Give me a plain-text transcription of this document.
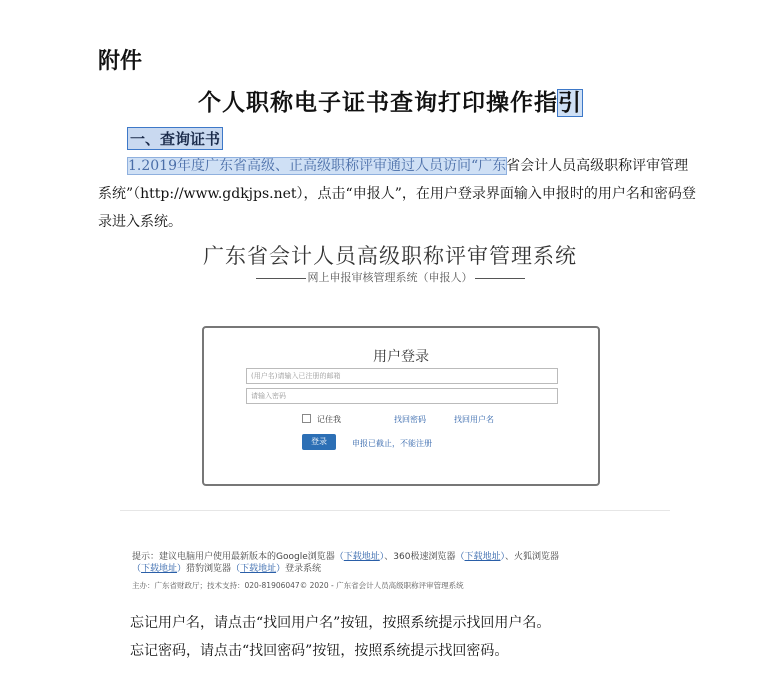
附件
个人职称电子证书查询打印操作指引
一、查询证书
1.2019年度广东省高级、正高级职称评审通过人员访问“广东省会计人员高级职称评审管理系统”（http://www.gdkjps.net），点击“申报人”，在用户登录界面输入申报时的用户名和密码登录进入系统。
广东省会计人员高级职称评审管理系统
网上申报审核管理系统（申报人）
用户登录
(用户名)请输入已注册的邮箱
请输入密码
记住我	找回密码	找回用户名
登录	申报已截止，不能注册
提示：建议电脑用户使用最新版本的Google浏览器（下载地址）、360极速浏览器（下载地址）、火狐浏览器
（下载地址）猎豹浏览器（下载地址）登录系统
主办：广东省财政厅；技术支持：020-81906047© 2020 - 广东省会计人员高级职称评审管理系统
忘记用户名，请点击“找回用户名”按钮，按照系统提示找回用户名。
忘记密码，请点击“找回密码”按钮，按照系统提示找回密码。
